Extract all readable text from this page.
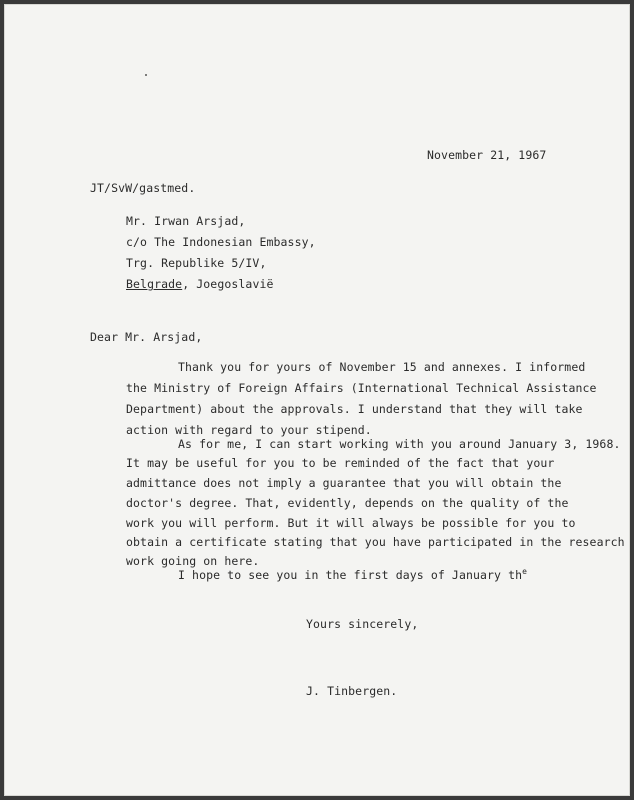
November 21, 1967
JT/SvW/gastmed.
Mr. Irwan Arsjad,
c/o The Indonesian Embassy,
Trg. Republike 5/IV,
Belgrade, Joegoslavië
Dear Mr. Arsjad,
Thank you for yours of November 15 and annexes. I informed
the Ministry of Foreign Affairs (International Technical Assistance
Department) about the approvals. I understand that they will take
action with regard to your stipend.
As for me, I can start working with you around January 3, 1968.
It may be useful for you to be reminded of the fact that your
admittance does not imply a guarantee that you will obtain the
doctor's degree. That, evidently, depends on the quality of the
work you will perform. But it will always be possible for you to
obtain a certificate stating that you have participated in the research
work going on here.
I hope to see you in the first days of January $th^e$
Yours sincerely,
J. Tinbergen.
